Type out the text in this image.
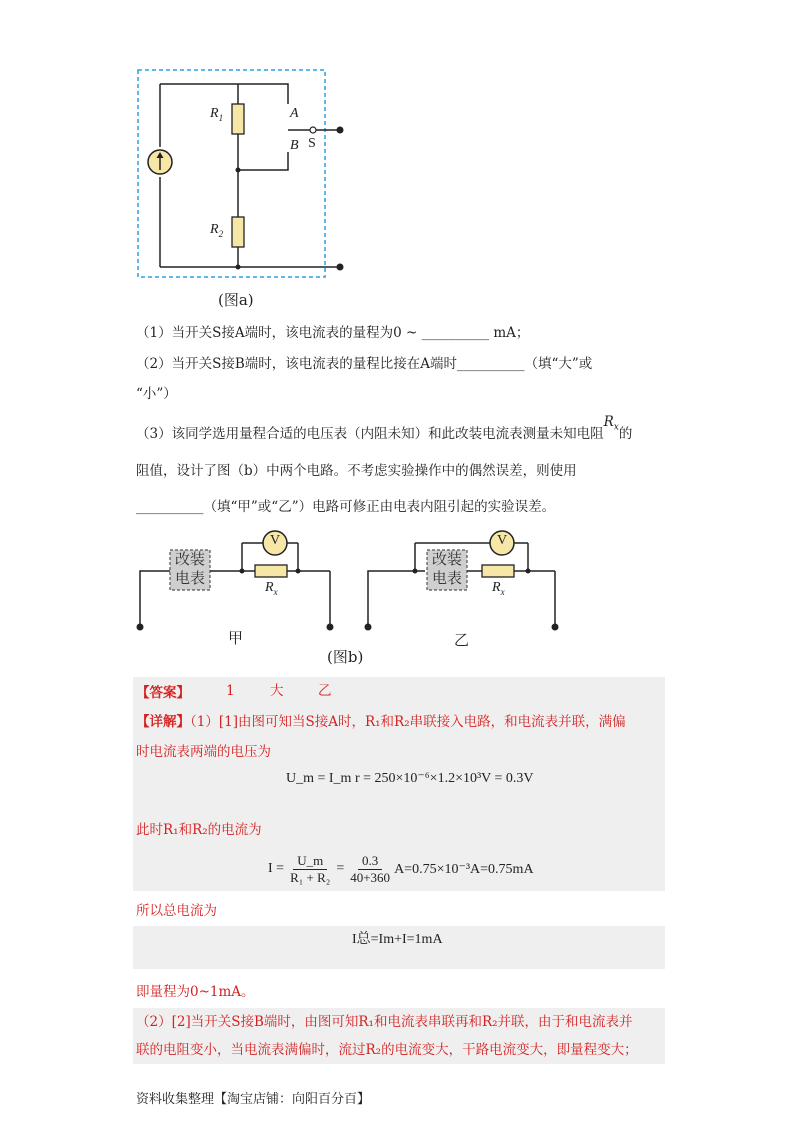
$R_1$
$R_2$
A
B S
(图a)
（1）当开关S接A端时，该电流表的量程为0 ~ __________ mA；
（2）当开关S接B端时，该电流表的量程比接在A端时__________（填“大”或
“小”）
（3）该同学选用量程合适的电压表（内阻未知）和此改装电流表测量未知电阻$R_x$的
阻值，设计了图（b）中两个电路。不考虑实验操作中的偶然误差，则使用
__________（填“甲”或“乙”）电路可修正由电表内阻引起的实验误差。
改装
电表
改装
电表
V	V
$R_x$	$R_x$
甲	乙
(图b)
【答案】	1	大	乙
【详解】（1）[1]由图可知当S接A时，R₁和R₂串联接入电路，和电流表并联，满偏
时电流表两端的电压为
U_m = I_m r = 250×10⁻⁶×1.2×10³V = 0.3V
此时R₁和R₂的电流为
$I = \frac{U\_m}{\text{R₁ + R₂}} = \frac{0.3}{40+360} A=0.75\times 10^{-3}A=0.75mA$
所以总电流为
I总=Im+I=1mA
即量程为0~1mA。
（2）[2]当开关S接B端时，由图可知R₁和电流表串联再和R₂并联，由于和电流表并
联的电阻变小，当电流表满偏时，流过R₂的电流变大，干路电流变大，即量程变大；
资料收集整理【淘宝店铺：向阳百分百】
